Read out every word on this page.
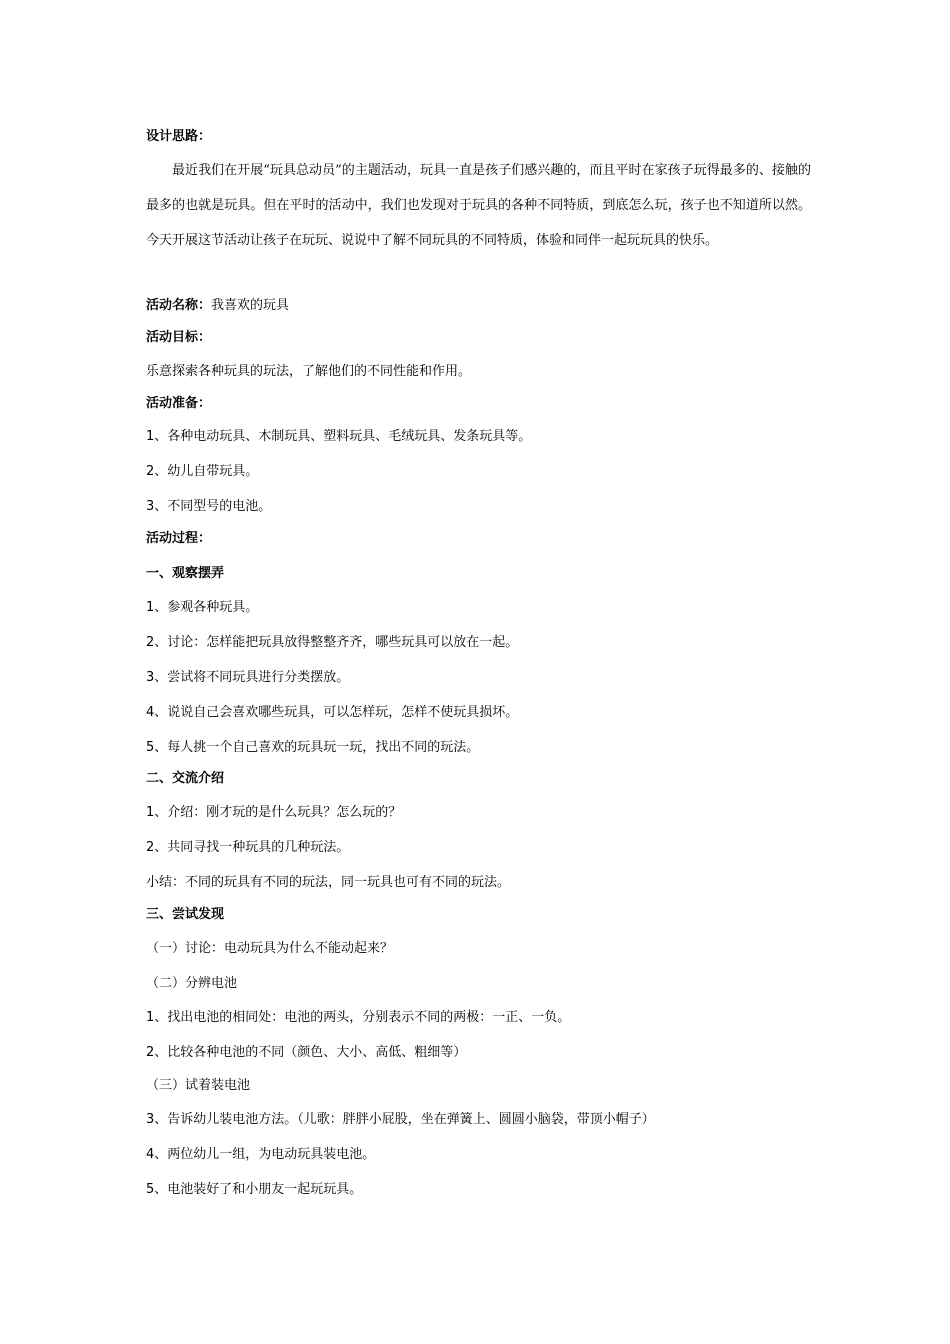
设计思路：
最近我们在开展“玩具总动员”的主题活动，玩具一直是孩子们感兴趣的，而且平时在家孩子玩得最多的、接触的最多的也就是玩具。但在平时的活动中，我们也发现对于玩具的各种不同特质，到底怎么玩，孩子也不知道所以然。今天开展这节活动让孩子在玩玩、说说中了解不同玩具的不同特质，体验和同伴一起玩玩具的快乐。
活动名称：我喜欢的玩具
活动目标：
乐意探索各种玩具的玩法，了解他们的不同性能和作用。
活动准备：
1、各种电动玩具、木制玩具、塑料玩具、毛绒玩具、发条玩具等。
2、幼儿自带玩具。
3、不同型号的电池。
活动过程：
一、观察摆弄
1、参观各种玩具。
2、讨论：怎样能把玩具放得整整齐齐，哪些玩具可以放在一起。
3、尝试将不同玩具进行分类摆放。
4、说说自己会喜欢哪些玩具，可以怎样玩，怎样不使玩具损坏。
5、每人挑一个自己喜欢的玩具玩一玩，找出不同的玩法。
二、交流介绍
1、介绍：刚才玩的是什么玩具？怎么玩的？
2、共同寻找一种玩具的几种玩法。
小结：不同的玩具有不同的玩法，同一玩具也可有不同的玩法。
三、尝试发现
（一）讨论：电动玩具为什么不能动起来？
（二）分辨电池
1、找出电池的相同处：电池的两头，分别表示不同的两极：一正、一负。
2、比较各种电池的不同（颜色、大小、高低、粗细等）
（三）试着装电池
3、告诉幼儿装电池方法。（儿歌：胖胖小屁股，坐在弹簧上、圆圆小脑袋，带顶小帽子）
4、两位幼儿一组，为电动玩具装电池。
5、电池装好了和小朋友一起玩玩具。
